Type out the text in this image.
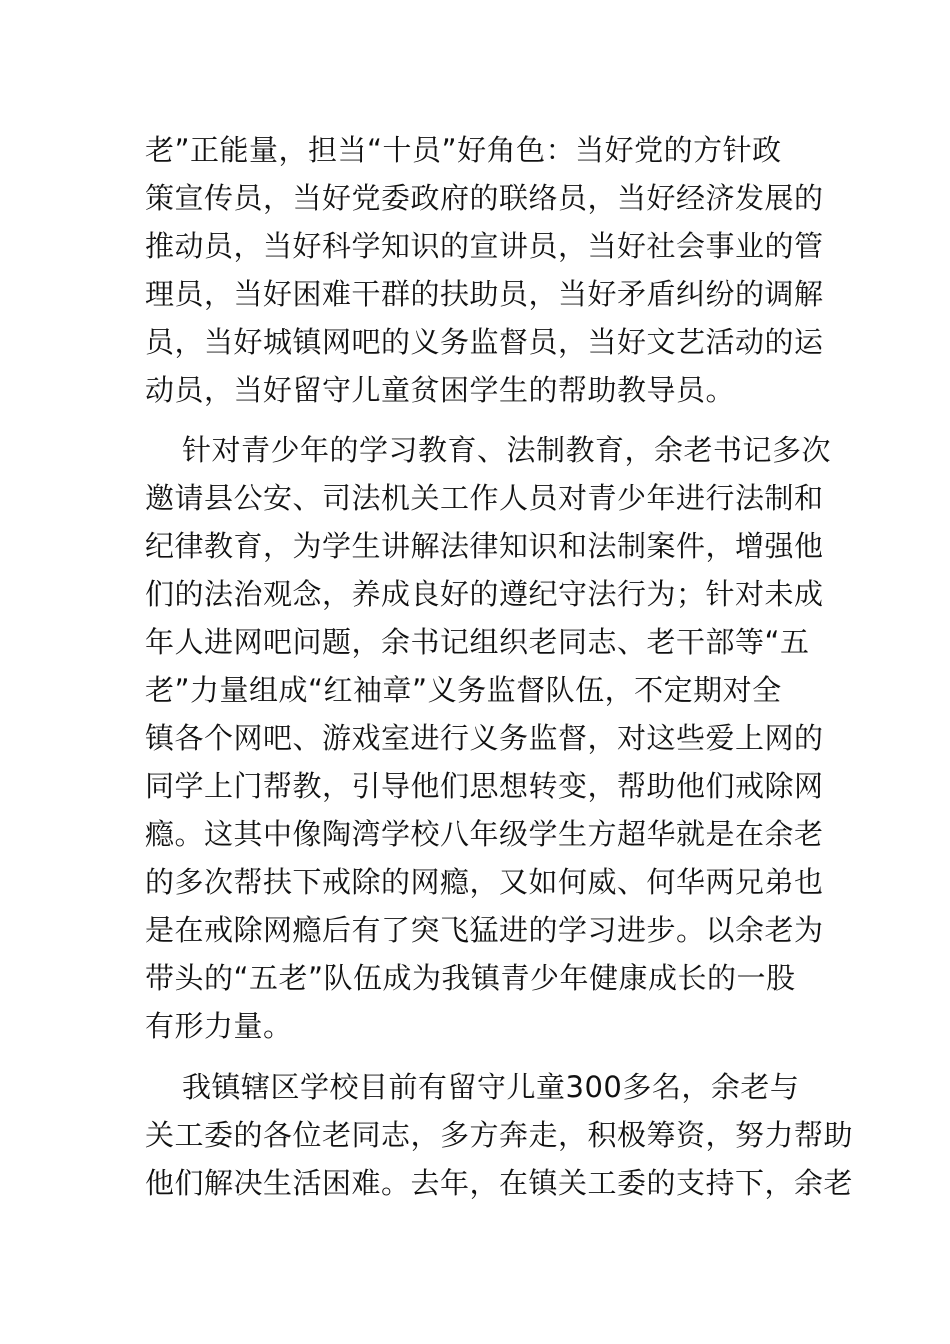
老”正能量，担当“十员”好角色：当好党的方针政
策宣传员，当好党委政府的联络员，当好经济发展的
推动员，当好科学知识的宣讲员，当好社会事业的管
理员，当好困难干群的扶助员，当好矛盾纠纷的调解
员，当好城镇网吧的义务监督员，当好文艺活动的运
动员，当好留守儿童贫困学生的帮助教导员。
针对青少年的学习教育、法制教育，余老书记多次
邀请县公安、司法机关工作人员对青少年进行法制和
纪律教育，为学生讲解法律知识和法制案件，增强他
们的法治观念，养成良好的遵纪守法行为；针对未成
年人进网吧问题，余书记组织老同志、老干部等“五
老”力量组成“红袖章”义务监督队伍，不定期对全
镇各个网吧、游戏室进行义务监督，对这些爱上网的
同学上门帮教，引导他们思想转变，帮助他们戒除网
瘾。这其中像陶湾学校八年级学生方超华就是在余老
的多次帮扶下戒除的网瘾，又如何威、何华两兄弟也
是在戒除网瘾后有了突飞猛进的学习进步。以余老为
带头的“五老”队伍成为我镇青少年健康成长的一股
有形力量。
我镇辖区学校目前有留守儿童300多名，余老与
关工委的各位老同志，多方奔走，积极筹资，努力帮助
他们解决生活困难。去年，在镇关工委的支持下，余老
